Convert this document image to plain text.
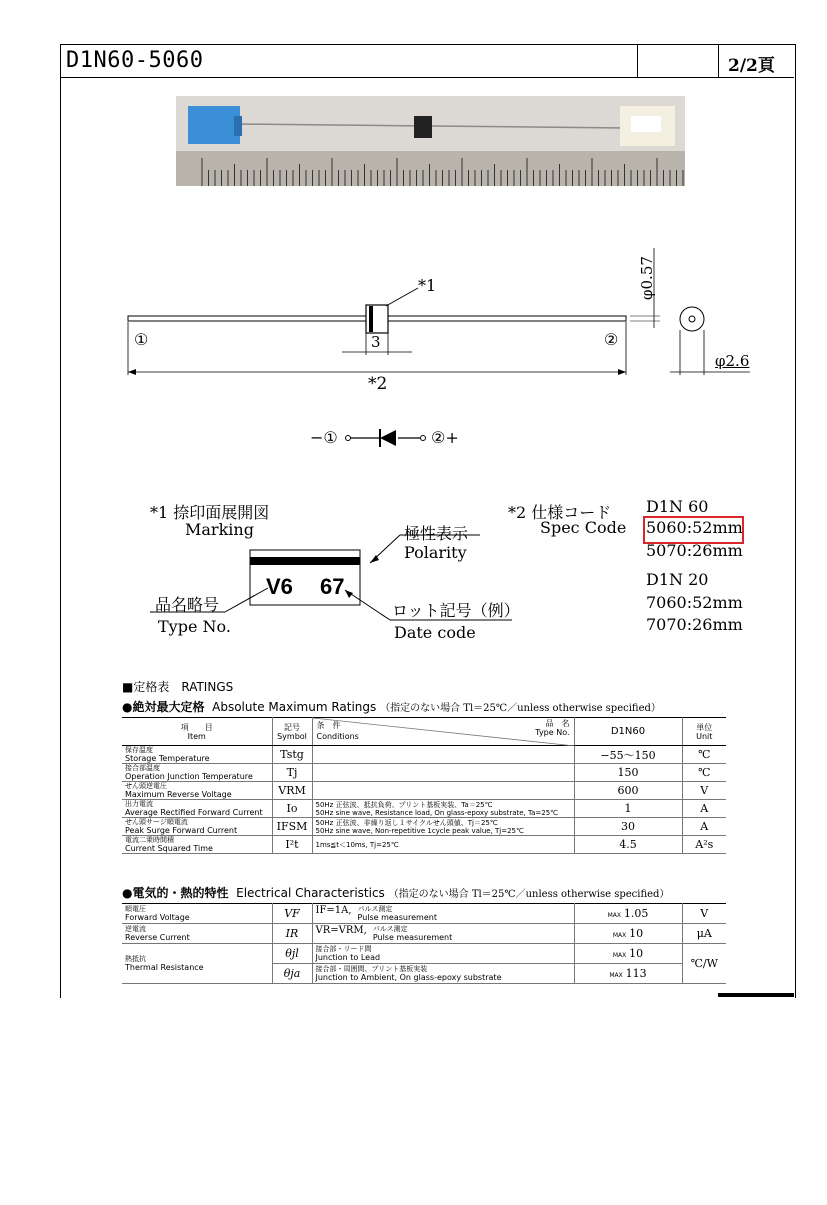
D1N60-5060	2/2頁
*1	φ0.57
φ2.6
3
①	②
*2
−①	②+
*1 捺印面展開図
Marking	極性表示
Polarity
品名略号
Type No.
ロット記号（例）
Date code
V6 67
*2 仕様コード
Spec Code
D1N 60
5060:52mm
5070:26mm
D1N 20
7060:52mm
7070:26mm
■定格表　RATINGS
●絶対最大定格 Absolute Maximum Ratings （指定のない場合 Tl＝25℃／unless otherwise specified）
項　　目
Item	記号
Symbol	条　件
Conditions
品　名
Type No.	D1N60	単位
Unit

保存温度
Storage Temperature	Tstg		−55〜150	℃

接合部温度
Operation Junction Temperature	Tj		150	℃

せん頭逆電圧
Maximum Reverse Voltage	VRM		600	V

出力電流
Average Rectified Forward Current	Io	50Hz 正弦波、抵抗負荷、プリント基板実装、Ta＝25℃
50Hz sine wave, Resistance load, On glass-epoxy substrate, Ta=25℃	1	A

せん頭サージ順電流
Peak Surge Forward Current	IFSM	50Hz 正弦波、非繰り返し１サイクルせん頭値、Tj＝25℃
50Hz sine wave, Non-repetitive 1cycle peak value, Tj=25℃	30	A

電流二乗時間積
Current Squared Time	I²t	1ms≦t＜10ms, Tj=25℃	4.5	A²s
●電気的・熱的特性 Electrical Characteristics （指定のない場合 Tl＝25℃／unless otherwise specified）
順電圧
Forward Voltage	VF	IF=1A, パルス測定
Pulse measurement	MAX 1.05	V

逆電流
Reverse Current	IR	VR=VRM, パルス測定
Pulse measurement	MAX 10	μA

熱抵抗
Thermal Resistance	θjl	接合部・リード間
Junction to Lead	MAX 10	℃/W
	θja	接合部・周囲間、プリント基板実装
Junction to Ambient, On glass-epoxy substrate	MAX 113	
